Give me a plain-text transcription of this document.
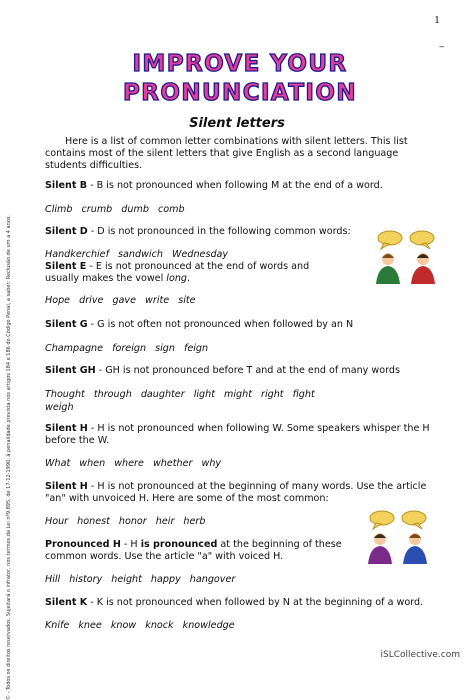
1
_
© - Todos os direitos reservados. Sujeitará o infrator, nos termos da Lei nº9.895, de 17-12-1990, à penalidade prevista nos artigos 184 e 186 do Código Penal, a saber: Reclusão de um a 4 anos.
IMPROVE YOUR
PRONUNCIATION
Silent letters

Here is a list of common letter combinations with silent letters. This list contains most of the silent letters that give English as a second language students difficulties.

Silent B - B is not pronounced when following M at the end of a word.

Climb crumb dumb comb

Silent D - D is not pronounced in the following common words:

Handkerchief sandwich Wednesday

Silent E - E is not pronounced at the end of words and usually makes the vowel long.

Hope drive gave write site

Silent G - G is not often not pronounced when followed by an N

Champagne foreign sign feign

Silent GH - GH is not pronounced before T and at the end of many words

Thought through daughter light might right fight weigh

Silent H - H is not pronounced when following W. Some speakers whisper the H before the W.

What when where whether why

Silent H - H is not pronounced at the beginning of many words. Use the article "an" with unvoiced H. Here are some of the most common:

Hour honest honor heir herb

Pronounced H - H is pronounced at the beginning of these common words. Use the article "a" with voiced H.

Hill history height happy hangover

Silent K - K is not pronounced when followed by N at the beginning of a word.

Knife knee know knock knowledge
iSLCollective.com
